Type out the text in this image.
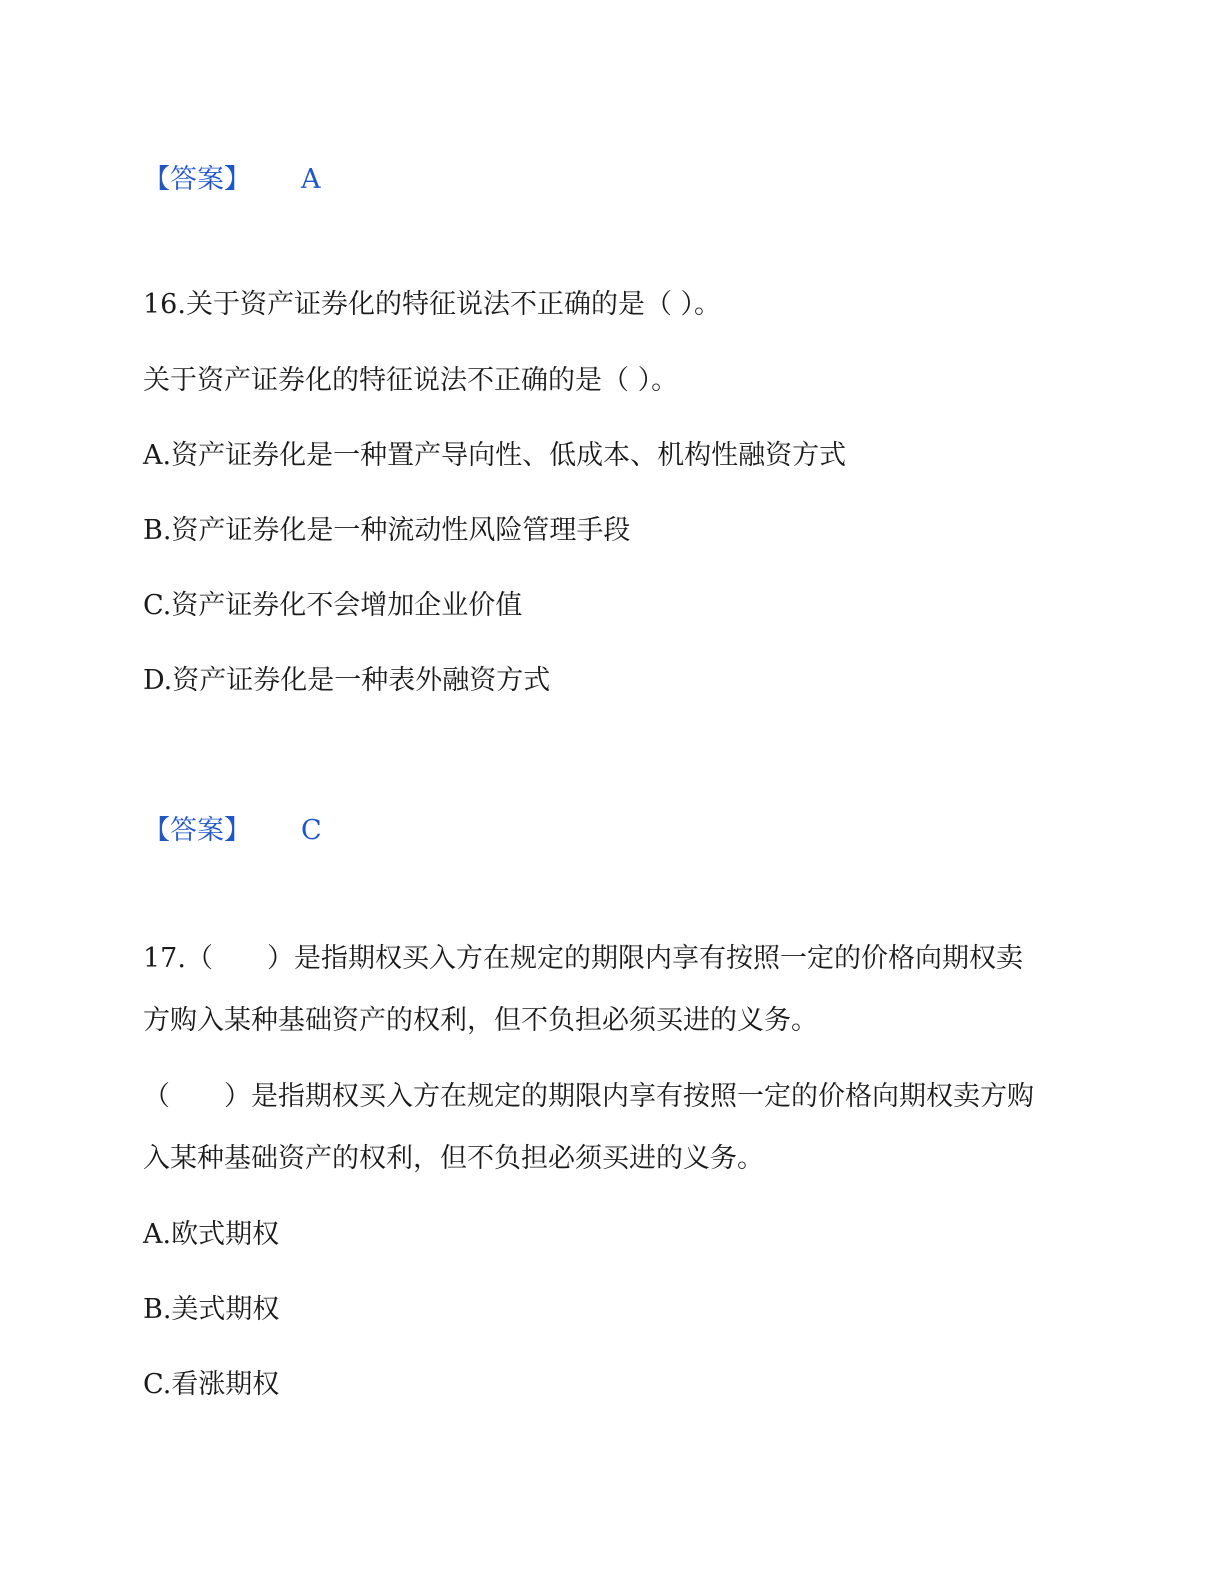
【答案】 A
16.关于资产证券化的特征说法不正确的是（ ）。
关于资产证券化的特征说法不正确的是（ ）。
A.资产证券化是一种置产导向性、低成本、机构性融资方式
B.资产证券化是一种流动性风险管理手段
C.资产证券化不会增加企业价值
D.资产证券化是一种表外融资方式
【答案】 C
17.（　　）是指期权买入方在规定的期限内享有按照一定的价格向期权卖
方购入某种基础资产的权利，但不负担必须买进的义务。
（　　）是指期权买入方在规定的期限内享有按照一定的价格向期权卖方购
入某种基础资产的权利，但不负担必须买进的义务。
A.欧式期权
B.美式期权
C.看涨期权
